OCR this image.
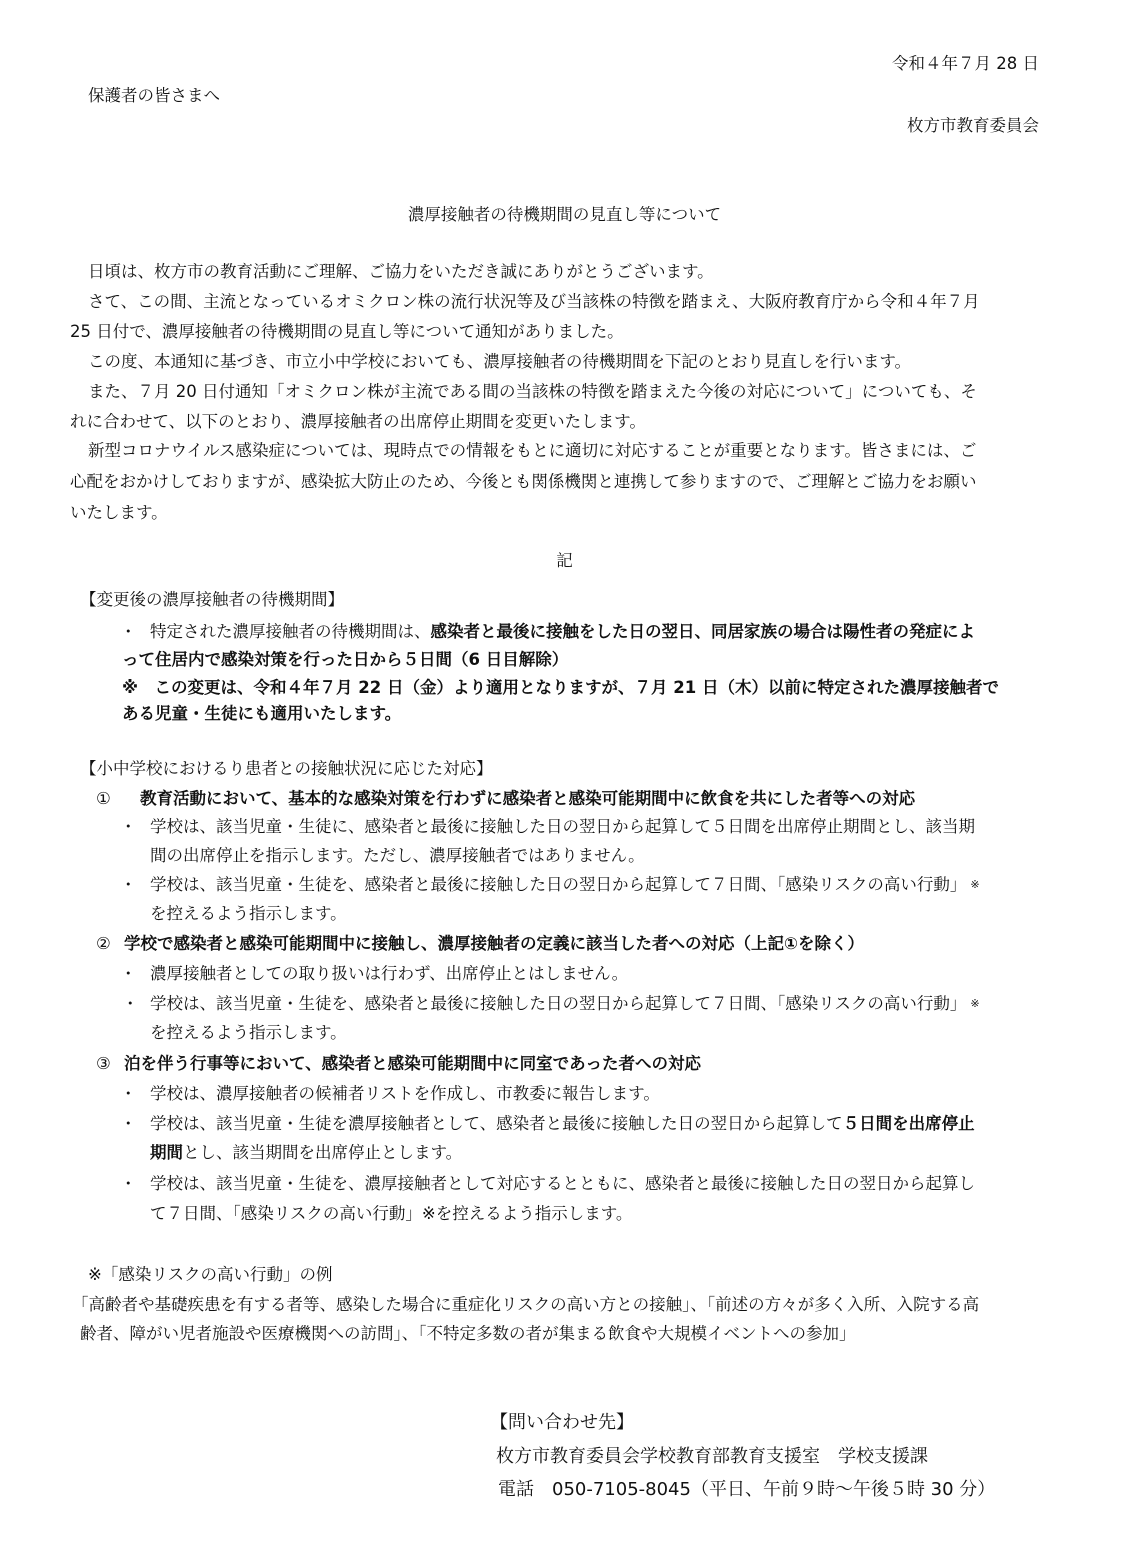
令和４年７月 28 日
保護者の皆さまへ
枚方市教育委員会
濃厚接触者の待機期間の見直し等について
日頃は、枚方市の教育活動にご理解、ご協力をいただき誠にありがとうございます。
さて、この間、主流となっているオミクロン株の流行状況等及び当該株の特徴を踏まえ、大阪府教育庁から令和４年７月
25 日付で、濃厚接触者の待機期間の見直し等について通知がありました。
この度、本通知に基づき、市立小中学校においても、濃厚接触者の待機期間を下記のとおり見直しを行います。
また、７月 20 日付通知「オミクロン株が主流である間の当該株の特徴を踏まえた今後の対応について」についても、そ
れに合わせて、以下のとおり、濃厚接触者の出席停止期間を変更いたします。
新型コロナウイルス感染症については、現時点での情報をもとに適切に対応することが重要となります。皆さまには、ご
心配をおかけしておりますが、感染拡大防止のため、今後とも関係機関と連携して参りますので、ご理解とご協力をお願い
いたします。
記
【変更後の濃厚接触者の待機期間】
・ 特定された濃厚接触者の待機期間は、感染者と最後に接触をした日の翌日、同居家族の場合は陽性者の発症によ
って住居内で感染対策を行った日から５日間（6 日目解除）
※　この変更は、令和４年７月 22 日（金）より適用となりますが、７月 21 日（木）以前に特定された濃厚接触者で
ある児童・生徒にも適用いたします。
【小中学校におけるり患者との接触状況に応じた対応】
① 教育活動において、基本的な感染対策を行わずに感染者と感染可能期間中に飲食を共にした者等への対応
・ 学校は、該当児童・生徒に、感染者と最後に接触した日の翌日から起算して５日間を出席停止期間とし、該当期
間の出席停止を指示します。ただし、濃厚接触者ではありません。
・ 学校は、該当児童・生徒を、感染者と最後に接触した日の翌日から起算して７日間、「感染リスクの高い行動」 ※
を控えるよう指示します。
② 学校で感染者と感染可能期間中に接触し、濃厚接触者の定義に該当した者への対応（上記①を除く）
・ 濃厚接触者としての取り扱いは行わず、出席停止とはしません。
・ 学校は、該当児童・生徒を、感染者と最後に接触した日の翌日から起算して７日間、「感染リスクの高い行動」 ※
を控えるよう指示します。
③ 泊を伴う行事等において、感染者と感染可能期間中に同室であった者への対応
・ 学校は、濃厚接触者の候補者リストを作成し、市教委に報告します。
・ 学校は、該当児童・生徒を濃厚接触者として、感染者と最後に接触した日の翌日から起算して５日間を出席停止
期間とし、該当期間を出席停止とします。
・ 学校は、該当児童・生徒を、濃厚接触者として対応するとともに、感染者と最後に接触した日の翌日から起算し
て７日間、「感染リスクの高い行動」※を控えるよう指示します。
※「感染リスクの高い行動」の例
「高齢者や基礎疾患を有する者等、感染した場合に重症化リスクの高い方との接触」、「前述の方々が多く入所、入院する高
齢者、障がい児者施設や医療機関への訪問」、「不特定多数の者が集まる飲食や大規模イベントへの参加」
【問い合わせ先】
枚方市教育委員会学校教育部教育支援室　学校支援課
電話　050-7105-8045（平日、午前９時～午後５時 30 分）
